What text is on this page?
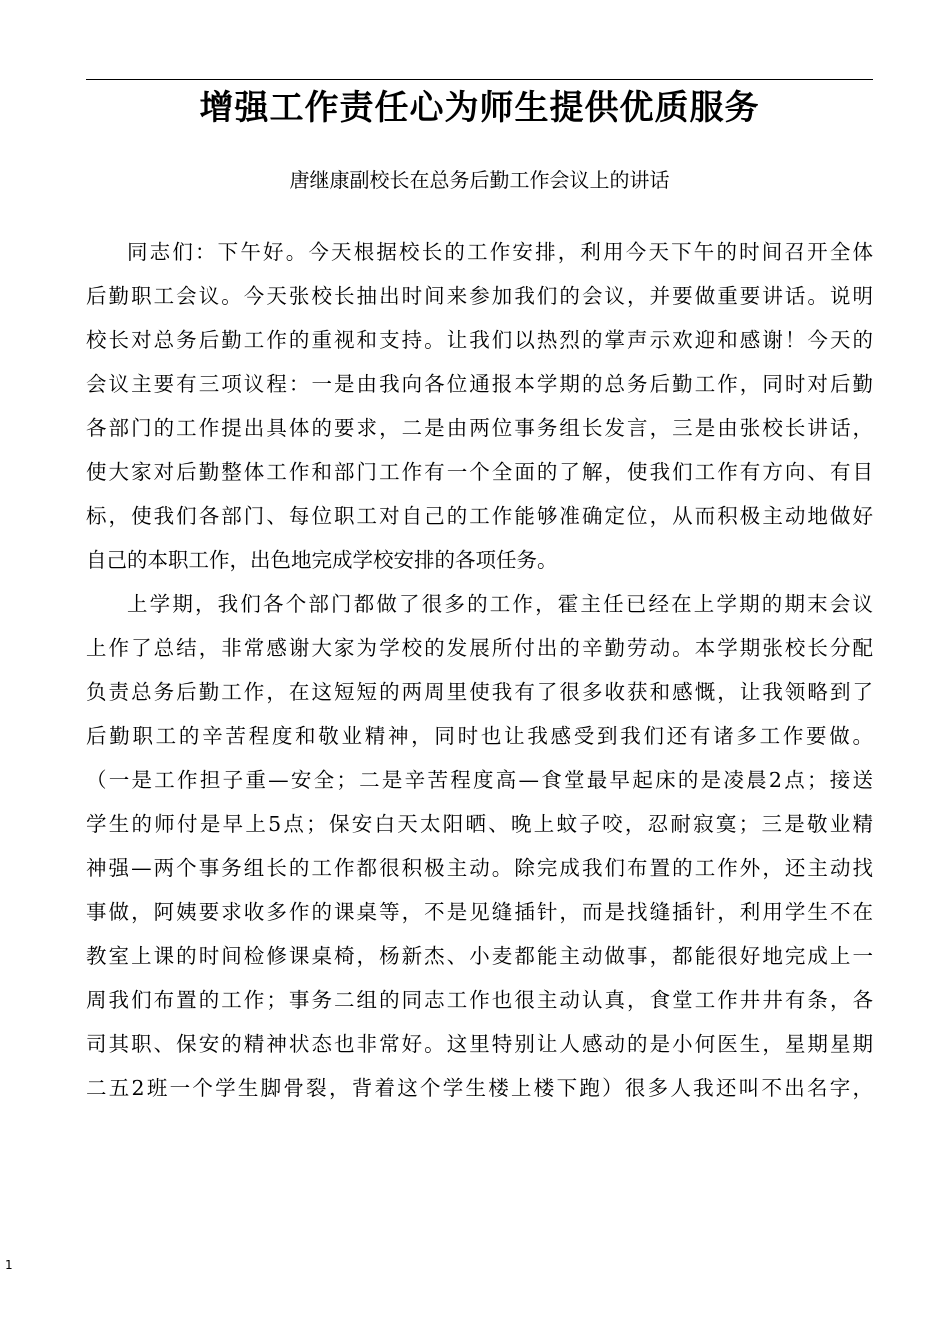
增强工作责任心为师生提供优质服务
唐继康副校长在总务后勤工作会议上的讲话
同志们：下午好。今天根据校长的工作安排，利用今天下午的时间召开全体
后勤职工会议。今天张校长抽出时间来参加我们的会议，并要做重要讲话。说明
校长对总务后勤工作的重视和支持。让我们以热烈的掌声示欢迎和感谢！今天的
会议主要有三项议程：一是由我向各位通报本学期的总务后勤工作，同时对后勤
各部门的工作提出具体的要求，二是由两位事务组长发言，三是由张校长讲话，
使大家对后勤整体工作和部门工作有一个全面的了解，使我们工作有方向、有目
标，使我们各部门、每位职工对自己的工作能够准确定位，从而积极主动地做好
自己的本职工作，出色地完成学校安排的各项任务。
上学期，我们各个部门都做了很多的工作，霍主任已经在上学期的期末会议
上作了总结，非常感谢大家为学校的发展所付出的辛勤劳动。本学期张校长分配
负责总务后勤工作，在这短短的两周里使我有了很多收获和感慨，让我领略到了
后勤职工的辛苦程度和敬业精神，同时也让我感受到我们还有诸多工作要做。
（一是工作担子重—安全；二是辛苦程度高—食堂最早起床的是凌晨2点；接送
学生的师付是早上5点；保安白天太阳晒、晚上蚊子咬，忍耐寂寞；三是敬业精
神强—两个事务组长的工作都很积极主动。除完成我们布置的工作外，还主动找
事做，阿姨要求收多作的课桌等，不是见缝插针，而是找缝插针，利用学生不在
教室上课的时间检修课桌椅，杨新杰、小麦都能主动做事，都能很好地完成上一
周我们布置的工作；事务二组的同志工作也很主动认真，食堂工作井井有条，各
司其职、保安的精神状态也非常好。这里特别让人感动的是小何医生，星期星期
二五2班一个学生脚骨裂，背着这个学生楼上楼下跑）很多人我还叫不出名字，
1
